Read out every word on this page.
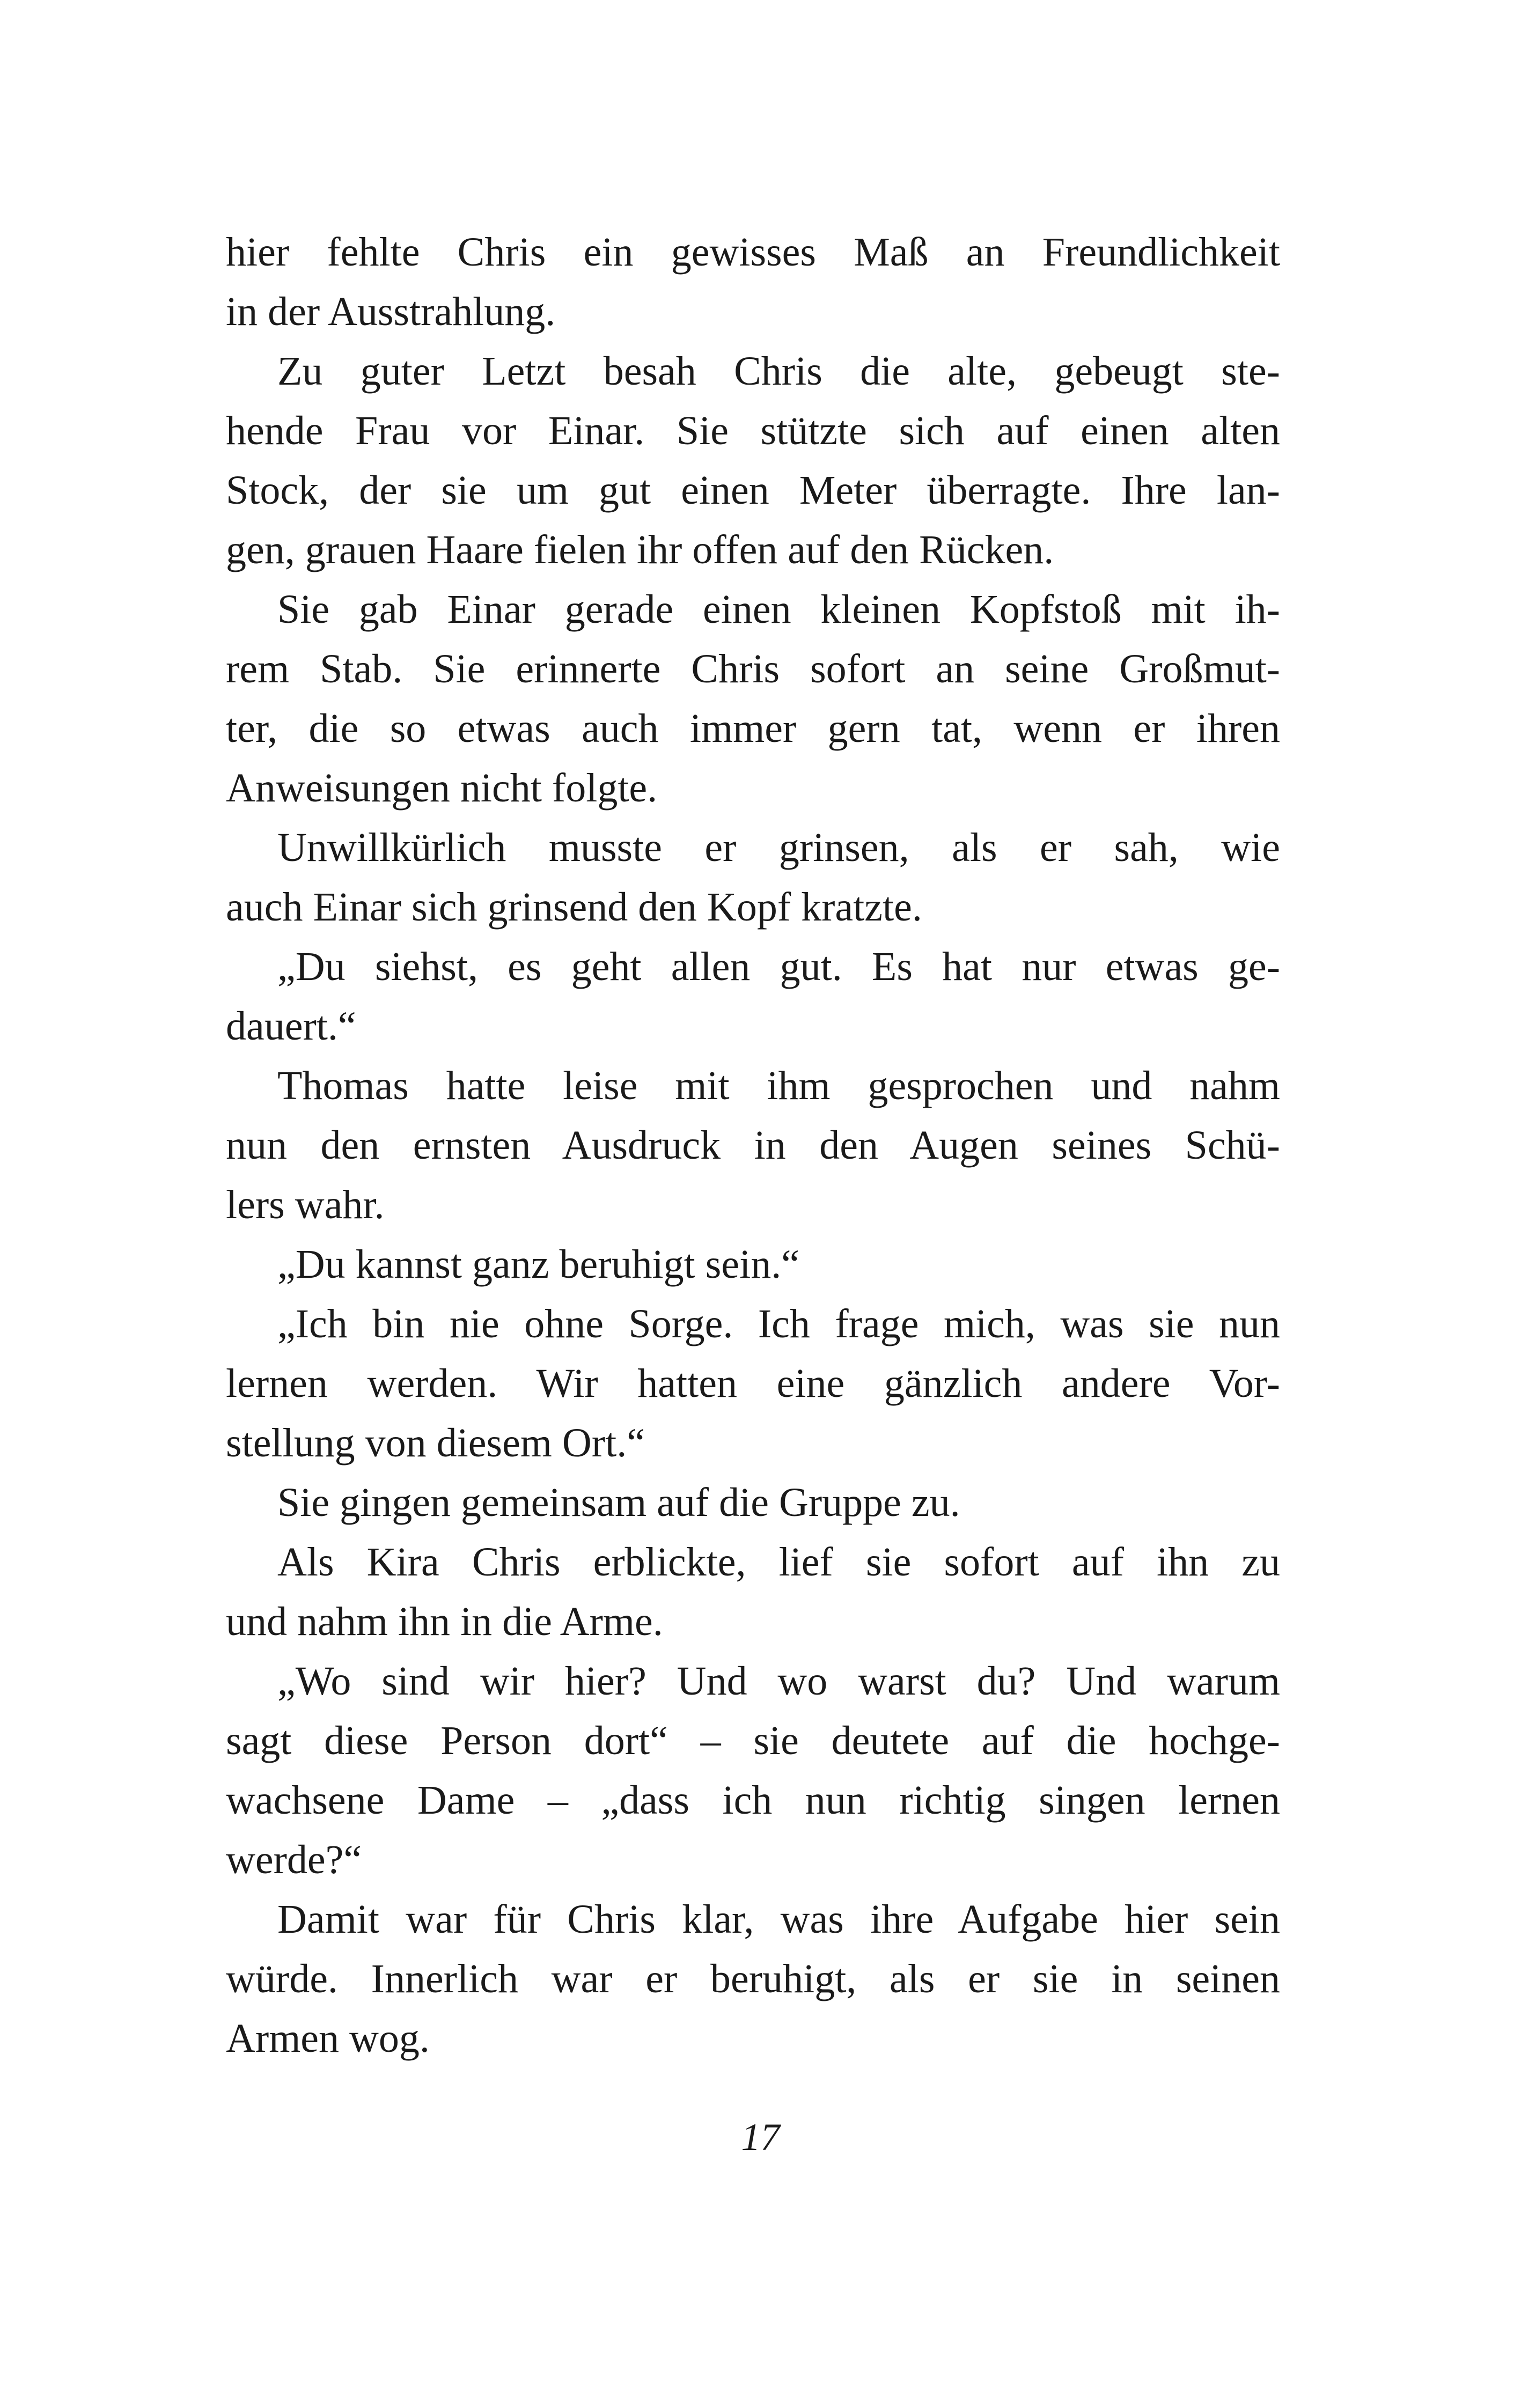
hier fehlte Chris ein gewisses Maß an Freundlichkeit
in der Ausstrahlung.
Zu guter Letzt besah Chris die alte, gebeugt ste-
hende Frau vor Einar. Sie stützte sich auf einen alten
Stock, der sie um gut einen Meter überragte. Ihre lan-
gen, grauen Haare fielen ihr offen auf den Rücken.
Sie gab Einar gerade einen kleinen Kopfstoß mit ih-
rem Stab. Sie erinnerte Chris sofort an seine Großmut-
ter, die so etwas auch immer gern tat, wenn er ihren
Anweisungen nicht folgte.
Unwillkürlich musste er grinsen, als er sah, wie
auch Einar sich grinsend den Kopf kratzte.
„Du siehst, es geht allen gut. Es hat nur etwas ge-
dauert.“
Thomas hatte leise mit ihm gesprochen und nahm
nun den ernsten Ausdruck in den Augen seines Schü-
lers wahr.
„Du kannst ganz beruhigt sein.“
„Ich bin nie ohne Sorge. Ich frage mich, was sie nun
lernen werden. Wir hatten eine gänzlich andere Vor-
stellung von diesem Ort.“
Sie gingen gemeinsam auf die Gruppe zu.
Als Kira Chris erblickte, lief sie sofort auf ihn zu
und nahm ihn in die Arme.
„Wo sind wir hier? Und wo warst du? Und warum
sagt diese Person dort“ – sie deutete auf die hochge-
wachsene Dame – „dass ich nun richtig singen lernen
werde?“
Damit war für Chris klar, was ihre Aufgabe hier sein
würde. Innerlich war er beruhigt, als er sie in seinen
Armen wog.
17
